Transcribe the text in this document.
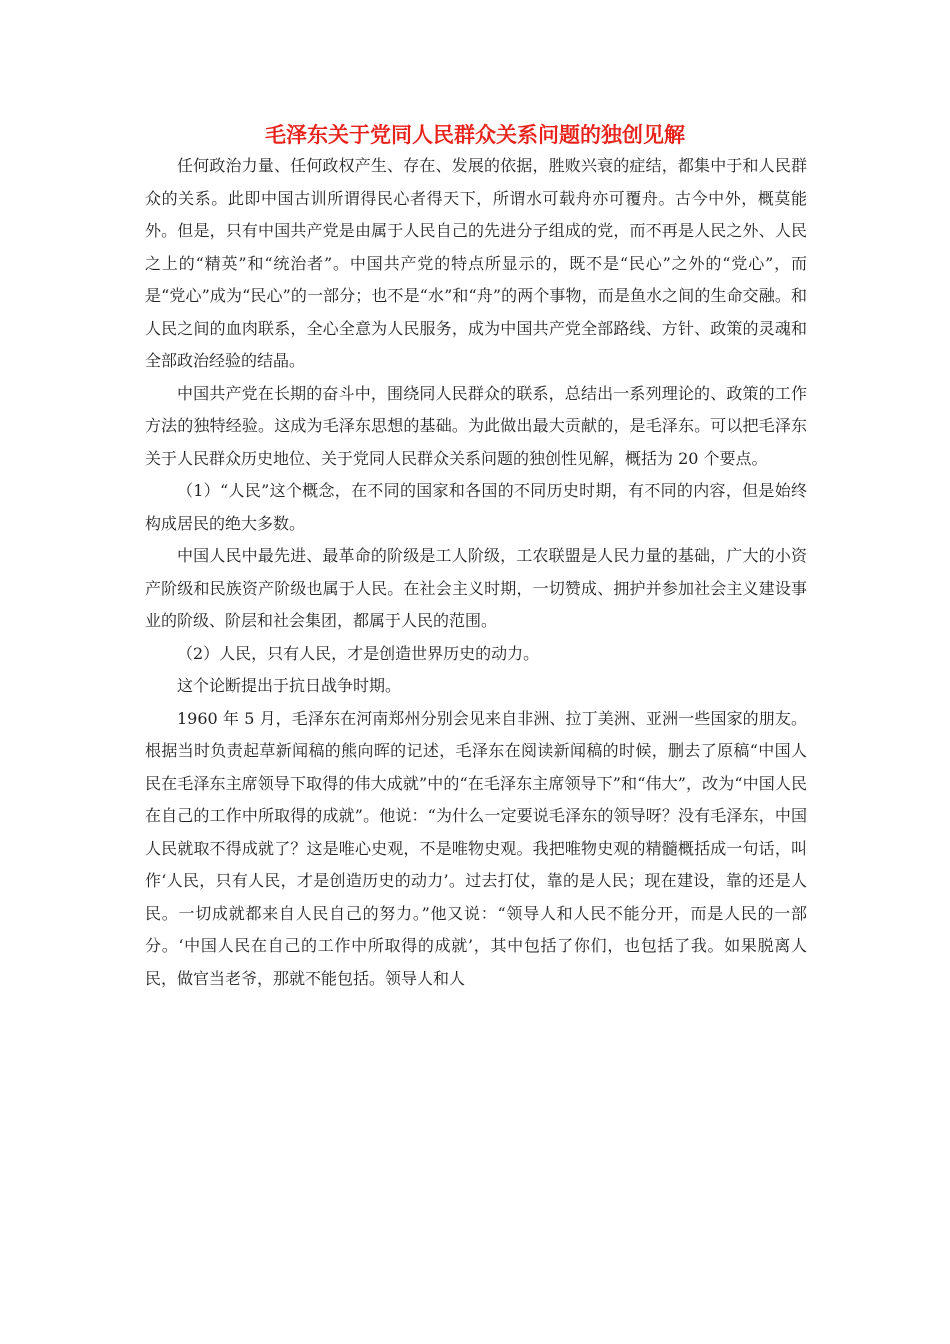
毛泽东关于党同人民群众关系问题的独创见解

任何政治力量、任何政权产生、存在、发展的依据，胜败兴衰的症结，都集中于和人民群众的关系。此即中国古训所谓得民心者得天下，所谓水可载舟亦可覆舟。古今中外，概莫能外。但是，只有中国共产党是由属于人民自己的先进分子组成的党，而不再是人民之外、人民之上的“精英”和“统治者”。中国共产党的特点所显示的，既不是“民心”之外的“党心”，而是“党心”成为“民心”的一部分；也不是“水”和“舟”的两个事物，而是鱼水之间的生命交融。和人民之间的血肉联系，全心全意为人民服务，成为中国共产党全部路线、方针、政策的灵魂和全部政治经验的结晶。

中国共产党在长期的奋斗中，围绕同人民群众的联系，总结出一系列理论的、政策的工作方法的独特经验。这成为毛泽东思想的基础。为此做出最大贡献的，是毛泽东。可以把毛泽东关于人民群众历史地位、关于党同人民群众关系问题的独创性见解，概括为 20 个要点。

（1）“人民”这个概念，在不同的国家和各国的不同历史时期，有不同的内容，但是始终构成居民的绝大多数。

中国人民中最先进、最革命的阶级是工人阶级，工农联盟是人民力量的基础，广大的小资产阶级和民族资产阶级也属于人民。在社会主义时期，一切赞成、拥护并参加社会主义建设事业的阶级、阶层和社会集团，都属于人民的范围。

（2）人民，只有人民，才是创造世界历史的动力。

这个论断提出于抗日战争时期。

1960 年 5 月，毛泽东在河南郑州分别会见来自非洲、拉丁美洲、亚洲一些国家的朋友。根据当时负责起草新闻稿的熊向晖的记述，毛泽东在阅读新闻稿的时候，删去了原稿“中国人民在毛泽东主席领导下取得的伟大成就”中的“在毛泽东主席领导下”和“伟大”，改为“中国人民在自己的工作中所取得的成就”。他说：“为什么一定要说毛泽东的领导呀？没有毛泽东，中国人民就取不得成就了？这是唯心史观，不是唯物史观。我把唯物史观的精髓概括成一句话，叫作‘人民，只有人民，才是创造历史的动力’。过去打仗，靠的是人民；现在建设，靠的还是人民。一切成就都来自人民自己的努力。”他又说：“领导人和人民不能分开，而是人民的一部分。‘中国人民在自己的工作中所取得的成就’，其中包括了你们，也包括了我。如果脱离人民，做官当老爷，那就不能包括。领导人和人
